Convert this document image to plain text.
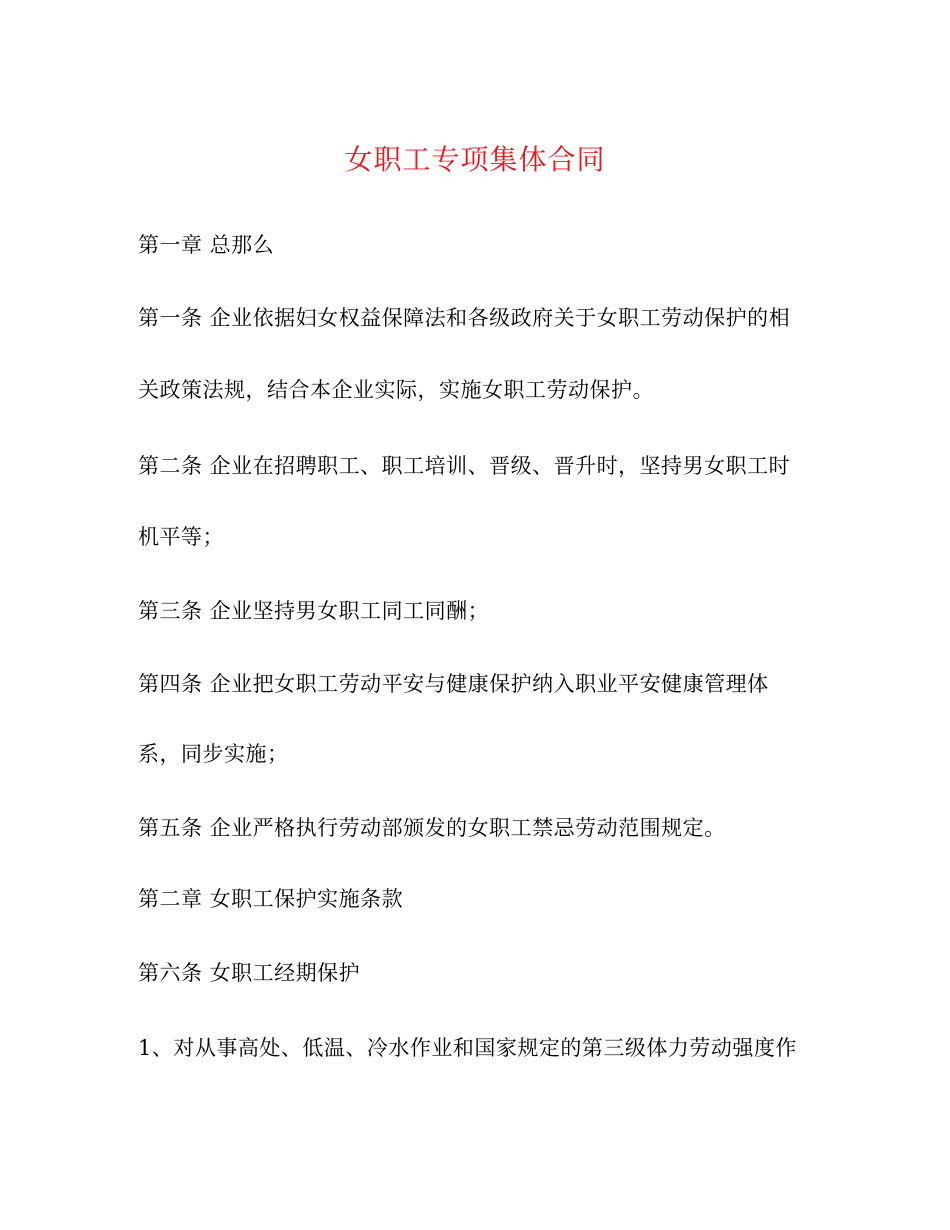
女职工专项集体合同
第一章 总那么
第一条 企业依据妇女权益保障法和各级政府关于女职工劳动保护的相
关政策法规，结合本企业实际，实施女职工劳动保护。
第二条 企业在招聘职工、职工培训、晋级、晋升时，坚持男女职工时
机平等；
第三条 企业坚持男女职工同工同酬；
第四条 企业把女职工劳动平安与健康保护纳入职业平安健康管理体
系，同步实施；
第五条 企业严格执行劳动部颁发的女职工禁忌劳动范围规定。
第二章 女职工保护实施条款
第六条 女职工经期保护
1、对从事高处、低温、冷水作业和国家规定的第三级体力劳动强度作
